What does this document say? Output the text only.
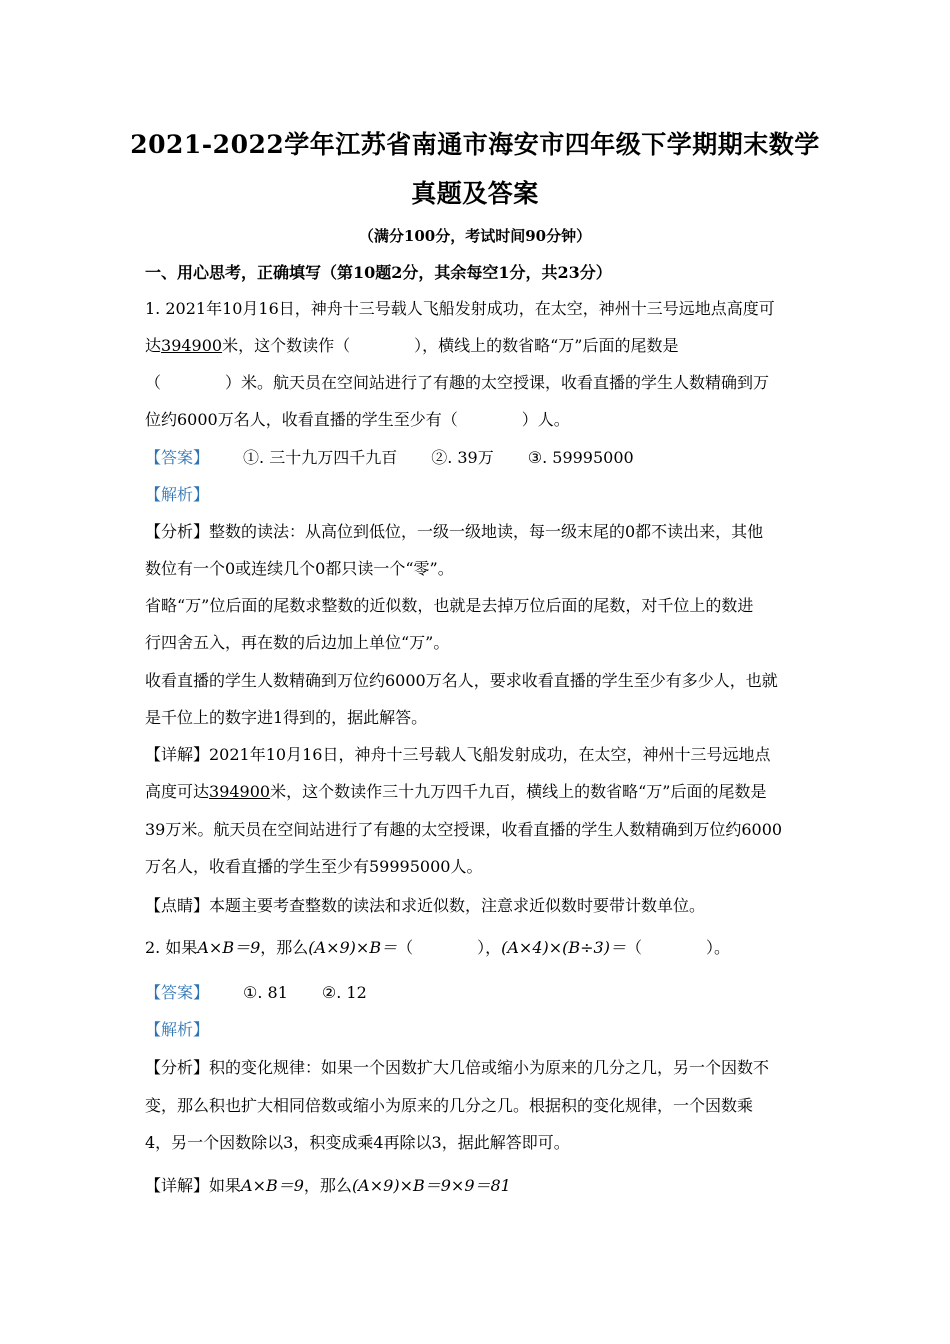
2021-2022学年江苏省南通市海安市四年级下学期期末数学
真题及答案
（满分100分，考试时间90分钟）
一、用心思考，正确填写（第10题2分，其余每空1分，共23分）
1. 2021年10月16日，神舟十三号载人飞船发射成功，在太空，神州十三号远地点高度可
达394900米，这个数读作（	），横线上的数省略“万”后面的尾数是
（	）米。航天员在空间站进行了有趣的太空授课，收看直播的学生人数精确到万
位约6000万名人，收看直播的学生至少有（	）人。
【答案】 ①. 三十九万四千九百 ②. 39万 ③. 59995000
【解析】
【分析】整数的读法：从高位到低位，一级一级地读，每一级末尾的0都不读出来，其他
数位有一个0或连续几个0都只读一个“零”。
省略“万”位后面的尾数求整数的近似数，也就是去掉万位后面的尾数，对千位上的数进
行四舍五入，再在数的后边加上单位“万”。
收看直播的学生人数精确到万位约6000万名人，要求收看直播的学生至少有多少人，也就
是千位上的数字进1得到的，据此解答。
【详解】2021年10月16日，神舟十三号载人飞船发射成功，在太空，神州十三号远地点
高度可达394900米，这个数读作三十九万四千九百，横线上的数省略“万”后面的尾数是
39万米。航天员在空间站进行了有趣的太空授课，收看直播的学生人数精确到万位约6000
万名人，收看直播的学生至少有59995000人。
【点睛】本题主要考查整数的读法和求近似数，注意求近似数时要带计数单位。
2. 如果A×B＝9，那么(A×9)×B＝（	），(A×4)×(B÷3)＝（	）。
【答案】 ①. 81 ②. 12
【解析】
【分析】积的变化规律：如果一个因数扩大几倍或缩小为原来的几分之几，另一个因数不
变，那么积也扩大相同倍数或缩小为原来的几分之几。根据积的变化规律，一个因数乘
4，另一个因数除以3，积变成乘4再除以3，据此解答即可。
【详解】如果A×B＝9，那么(A×9)×B＝9×9＝81
